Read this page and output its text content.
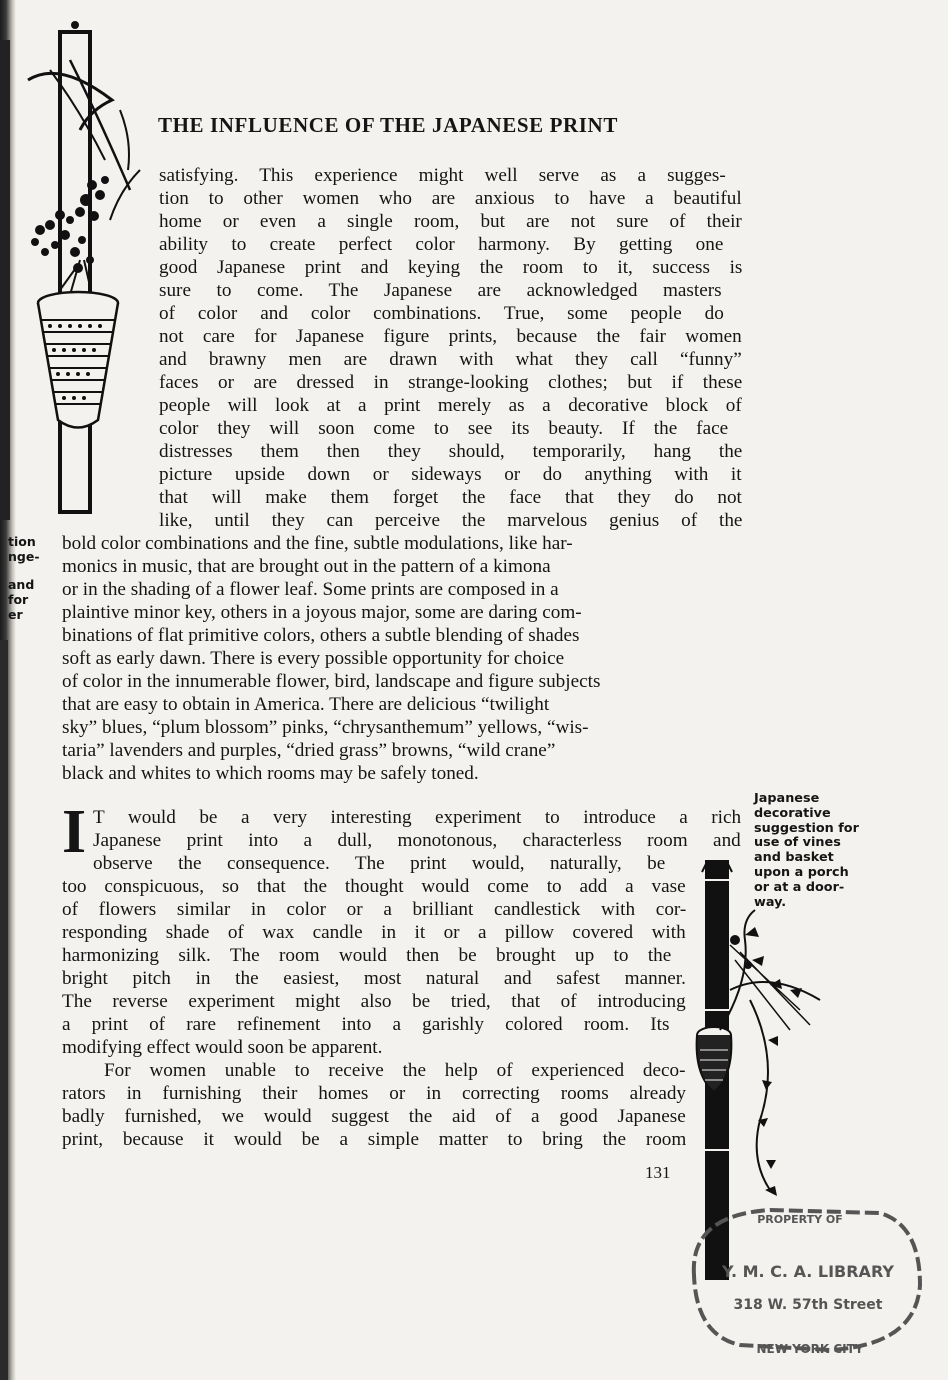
THE INFLUENCE OF THE JAPANESE PRINT
satisfying. This experience might well serve as a sugges-
tion to other women who are anxious to have a beautiful
home or even a single room, but are not sure of their
ability to create perfect color harmony. By getting one
good Japanese print and keying the room to it, success is
sure to come. The Japanese are acknowledged masters
of color and color combinations. True, some people do
not care for Japanese figure prints, because the fair women
and brawny men are drawn with what they call “funny”
faces or are dressed in strange-looking clothes; but if these
people will look at a print merely as a decorative block of
color they will soon come to see its beauty. If the face
distresses them then they should, temporarily, hang the
picture upside down or sideways or do anything with it
that will make them forget the face that they do not
like, until they can perceive the marvelous genius of the
bold color combinations and the fine, subtle modulations, like har-
monics in music, that are brought out in the pattern of a kimona
or in the shading of a flower leaf. Some prints are composed in a
plaintive minor key, others in a joyous major, some are daring com-
binations of flat primitive colors, others a subtle blending of shades
soft as early dawn. There is every possible opportunity for choice
of color in the innumerable flower, bird, landscape and figure subjects
that are easy to obtain in America. There are delicious “twilight
sky” blues, “plum blossom” pinks, “chrysanthemum” yellows, “wis-
taria” lavenders and purples, “dried grass” browns, “wild crane”
black and whites to which rooms may be safely toned.
tion
nge-
and
for
er
I T would be a very interesting experiment to introduce a rich
Japanese print into a dull, monotonous, characterless room and
observe the consequence. The print would, naturally, be
too conspicuous, so that the thought would come to add a vase
of flowers similar in color or a brilliant candlestick with cor-
responding shade of wax candle in it or a pillow covered with
harmonizing silk. The room would then be brought up to the
bright pitch in the easiest, most natural and safest manner.
The reverse experiment might also be tried, that of introducing
a print of rare refinement into a garishly colored room. Its
modifying effect would soon be apparent.
For women unable to receive the help of experienced deco-
rators in furnishing their homes or in correcting rooms already
badly furnished, we would suggest the aid of a good Japanese
print, because it would be a simple matter to bring the room
Japanese
decorative
suggestion for
use of vines
and basket
upon a porch
or at a door-
way.
131
PROPERTY OF
Y. M. C. A. LIBRARY
318 W. 57th Street
NEW YORK CITY
